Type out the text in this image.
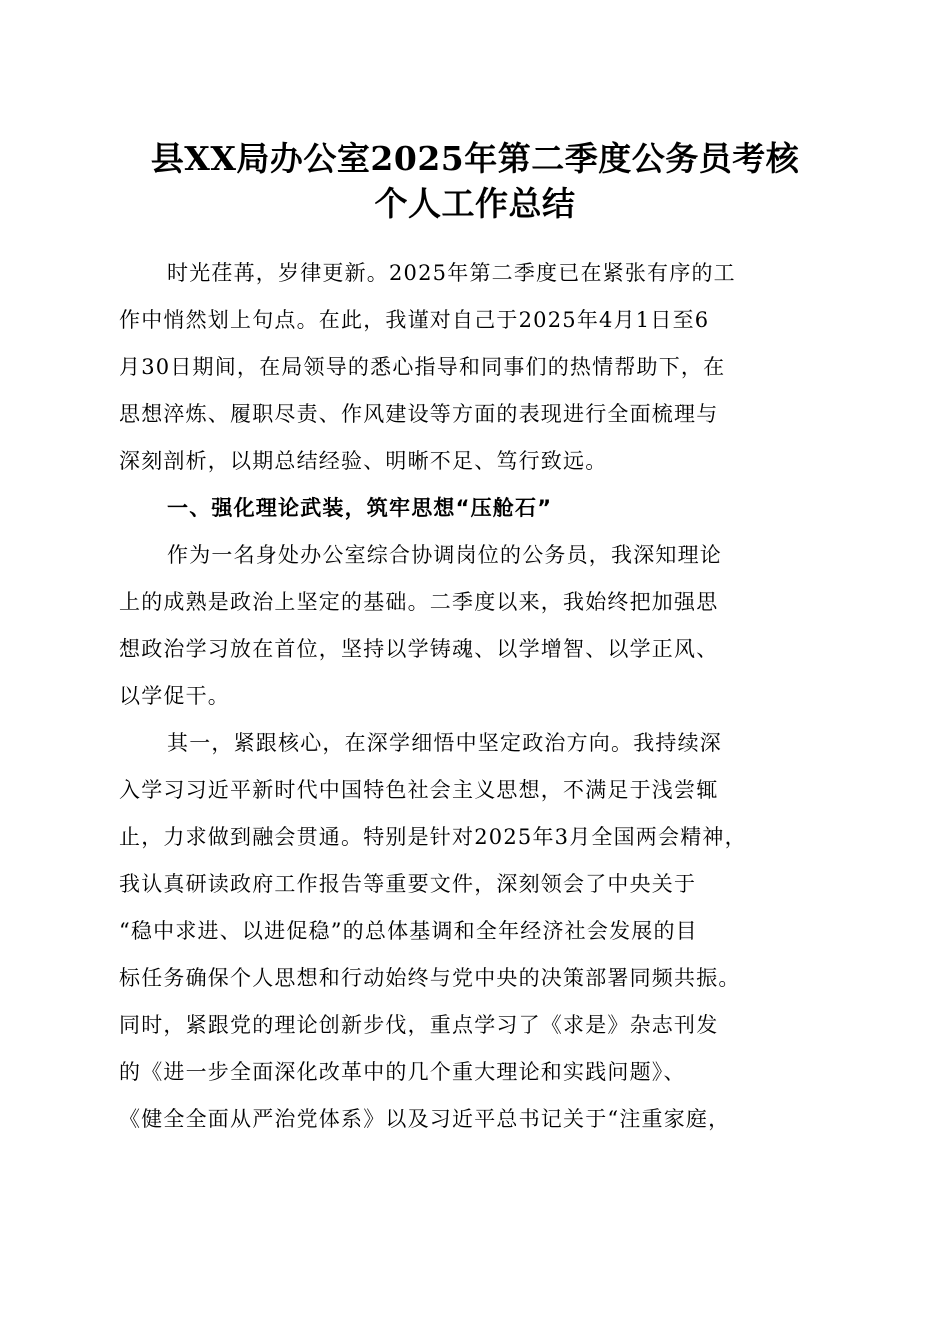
县XX局办公室2025年第二季度公务员考核
个人工作总结
时光荏苒，岁律更新。2025年第二季度已在紧张有序的工
作中悄然划上句点。在此，我谨对自己于2025年4月1日至6
月30日期间，在局领导的悉心指导和同事们的热情帮助下，在
思想淬炼、履职尽责、作风建设等方面的表现进行全面梳理与
深刻剖析，以期总结经验、明晰不足、笃行致远。
一、强化理论武装，筑牢思想“压舱石”
作为一名身处办公室综合协调岗位的公务员，我深知理论
上的成熟是政治上坚定的基础。二季度以来，我始终把加强思
想政治学习放在首位，坚持以学铸魂、以学增智、以学正风、
以学促干。
其一，紧跟核心，在深学细悟中坚定政治方向。我持续深
入学习习近平新时代中国特色社会主义思想，不满足于浅尝辄
止，力求做到融会贯通。特别是针对2025年3月全国两会精神，
我认真研读政府工作报告等重要文件，深刻领会了中央关于
“稳中求进、以进促稳”的总体基调和全年经济社会发展的目
标任务确保个人思想和行动始终与党中央的决策部署同频共振。
同时，紧跟党的理论创新步伐，重点学习了《求是》杂志刊发
的《进一步全面深化改革中的几个重大理论和实践问题》、
《健全全面从严治党体系》以及习近平总书记关于“注重家庭，
